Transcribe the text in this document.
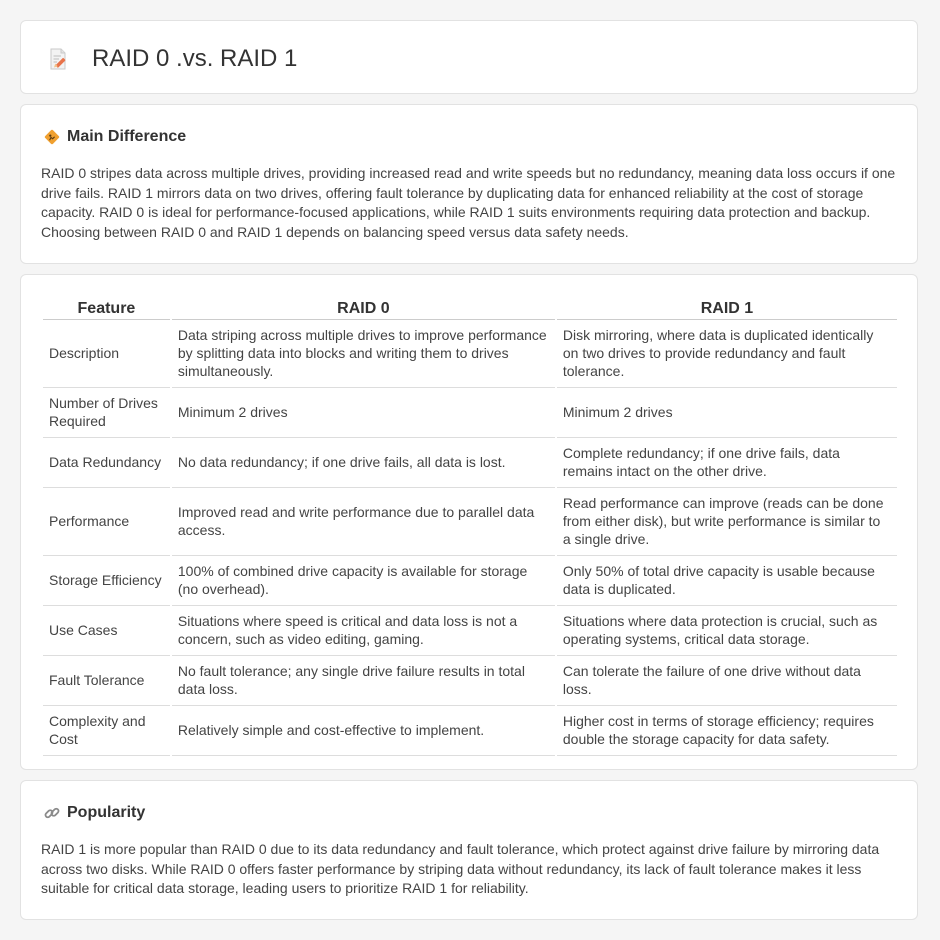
RAID 0 .vs. RAID 1
Main Difference

RAID 0 stripes data across multiple drives, providing increased read and write speeds but no redundancy, meaning data loss occurs if one drive fails. RAID 1 mirrors data on two drives, offering fault tolerance by duplicating data for enhanced reliability at the cost of storage capacity. RAID 0 is ideal for performance-focused applications, while RAID 1 suits environments requiring data protection and backup. Choosing between RAID 0 and RAID 1 depends on balancing speed versus data safety needs.

Feature	RAID 0	RAID 1
Description	Data striping across multiple drives to improve performance by splitting data into blocks and writing them to drives simultaneously.	Disk mirroring, where data is duplicated identically on two drives to provide redundancy and fault tolerance.
Number of Drives Required	Minimum 2 drives	Minimum 2 drives
Data Redundancy	No data redundancy; if one drive fails, all data is lost.	Complete redundancy; if one drive fails, data remains intact on the other drive.
Performance	Improved read and write performance due to parallel data access.	Read performance can improve (reads can be done from either disk), but write performance is similar to a single drive.
Storage Efficiency	100% of combined drive capacity is available for storage (no overhead).	Only 50% of total drive capacity is usable because data is duplicated.
Use Cases	Situations where speed is critical and data loss is not a concern, such as video editing, gaming.	Situations where data protection is crucial, such as operating systems, critical data storage.
Fault Tolerance	No fault tolerance; any single drive failure results in total data loss.	Can tolerate the failure of one drive without data loss.
Complexity and Cost	Relatively simple and cost-effective to implement.	Higher cost in terms of storage efficiency; requires double the storage capacity for data safety.
Popularity

RAID 1 is more popular than RAID 0 due to its data redundancy and fault tolerance, which protect against drive failure by mirroring data across two disks. While RAID 0 offers faster performance by striping data without redundancy, its lack of fault tolerance makes it less suitable for critical data storage, leading users to prioritize RAID 1 for reliability.
